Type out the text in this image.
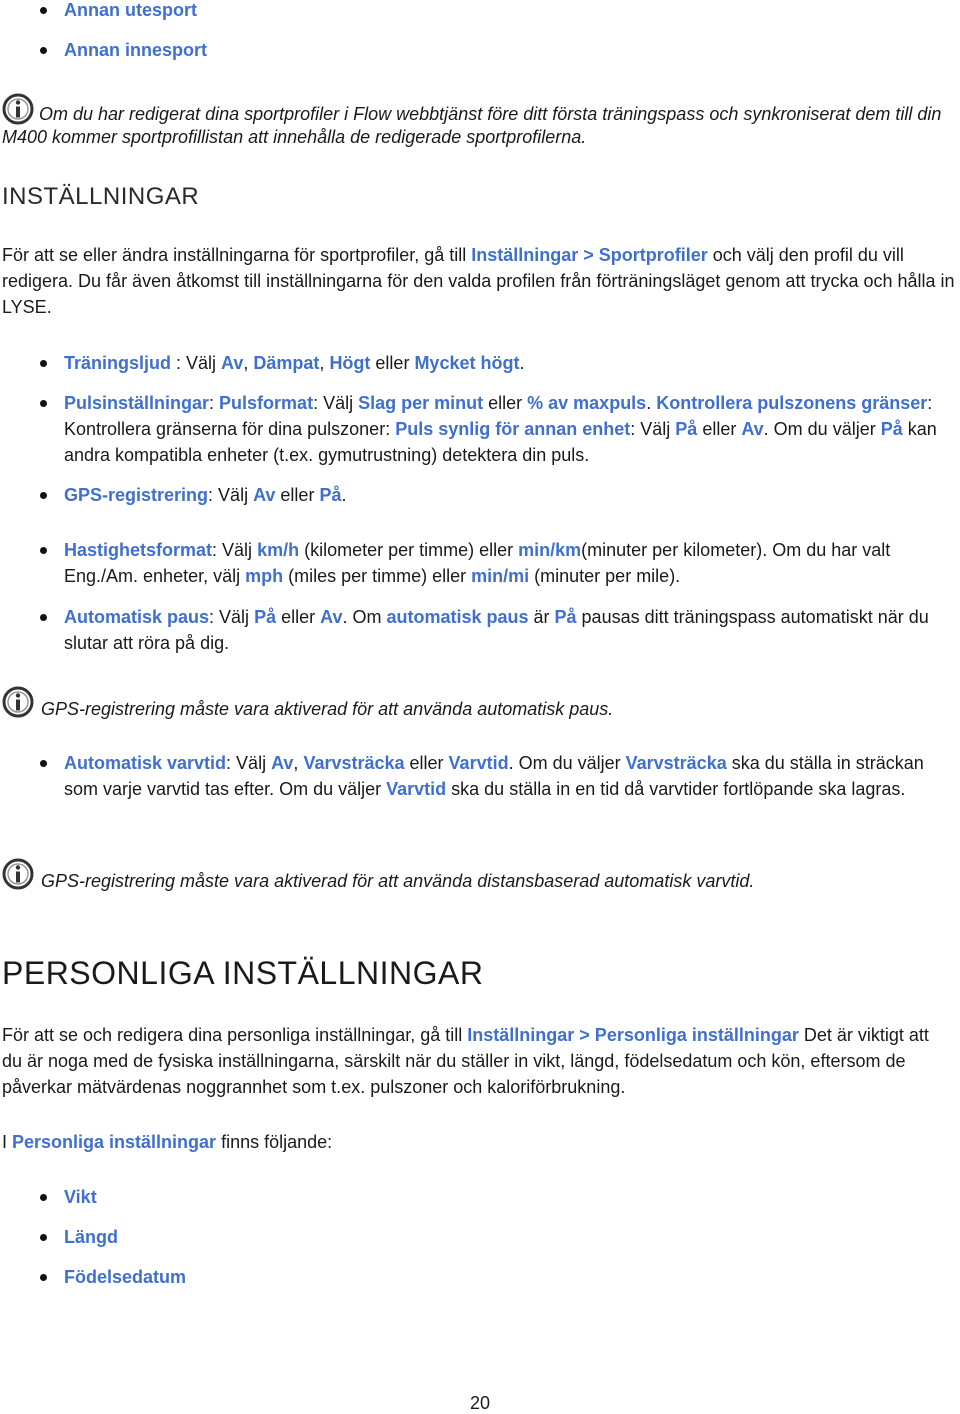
Annan utesport
Annan innesport
Om du har redigerat dina sportprofiler i Flow webbtjänst före ditt första träningspass och synkroniserat dem till din M400 kommer sportprofillistan att innehålla de redigerade sportprofilerna.
INSTÄLLNINGAR
För att se eller ändra inställningarna för sportprofiler, gå till Inställningar > Sportprofiler och välj den profil du vill redigera. Du får även åtkomst till inställningarna för den valda profilen från förträningsläget genom att trycka och hålla in LYSE.
Träningsljud : Välj Av, Dämpat, Högt eller Mycket högt.
Pulsinställningar: Pulsformat: Välj Slag per minut eller % av maxpuls. Kontrollera pulszonens gränser: Kontrollera gränserna för dina pulszoner: Puls synlig för annan enhet: Välj På eller Av. Om du väljer På kan andra kompatibla enheter (t.ex. gymutrustning) detektera din puls.
GPS-registrering: Välj Av eller På.
Hastighetsformat: Välj km/h (kilometer per timme) eller min/km(minuter per kilometer). Om du har valt Eng./Am. enheter, välj mph (miles per timme) eller min/mi (minuter per mile).
Automatisk paus: Välj På eller Av. Om automatisk paus är På pausas ditt träningspass automatiskt när du slutar att röra på dig.
GPS-registrering måste vara aktiverad för att använda automatisk paus.
Automatisk varvtid: Välj Av, Varvsträcka eller Varvtid. Om du väljer Varvsträcka ska du ställa in sträckan som varje varvtid tas efter. Om du väljer Varvtid ska du ställa in en tid då varvtider fortlöpande ska lagras.
GPS-registrering måste vara aktiverad för att använda distansbaserad automatisk varvtid.
PERSONLIGA INSTÄLLNINGAR
För att se och redigera dina personliga inställningar, gå till Inställningar > Personliga inställningar Det är viktigt att du är noga med de fysiska inställningarna, särskilt när du ställer in vikt, längd, födelsedatum och kön, eftersom de påverkar mätvärdenas noggrannhet som t.ex. pulszoner och kaloriförbrukning.
I Personliga inställningar finns följande:
Vikt
Längd
Födelsedatum
20
